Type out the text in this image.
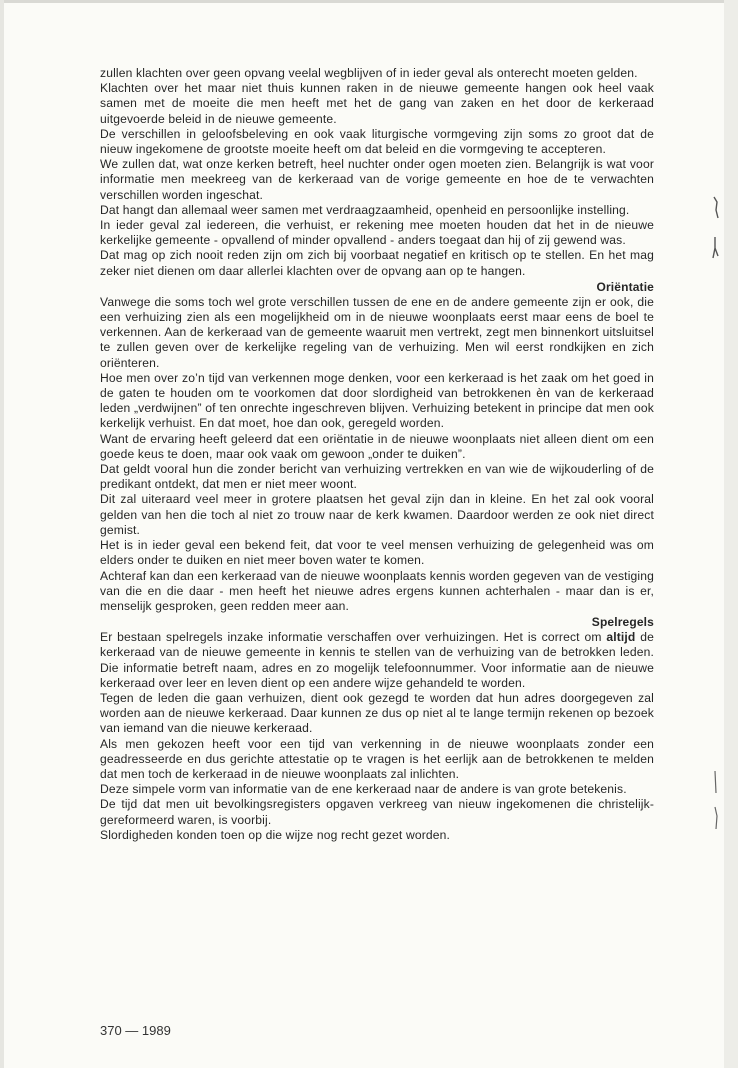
zullen klachten over geen opvang veelal wegblijven of in ieder geval als onterecht moeten gelden.

Klachten over het maar niet thuis kunnen raken in de nieuwe gemeente hangen ook heel vaak samen met de moeite die men heeft met het de gang van zaken en het door de kerkeraad uitgevoerde beleid in de nieuwe gemeente.

De verschillen in geloofsbeleving en ook vaak liturgische vormgeving zijn soms zo groot dat de nieuw ingekomene de grootste moeite heeft om dat beleid en die vormgeving te accepteren.

We zullen dat, wat onze kerken betreft, heel nuchter onder ogen moeten zien. Belangrijk is wat voor informatie men meekreeg van de kerkeraad van de vorige gemeente en hoe de te verwachten verschillen worden ingeschat.

Dat hangt dan allemaal weer samen met verdraagzaamheid, openheid en persoonlijke instelling.

In ieder geval zal iedereen, die verhuist, er rekening mee moeten houden dat het in de nieuwe kerkelijke gemeente - opvallend of minder opvallend - anders toegaat dan hij of zij gewend was.

Dat mag op zich nooit reden zijn om zich bij voorbaat negatief en kritisch op te stellen. En het mag zeker niet dienen om daar allerlei klachten over de opvang aan op te hangen.

Oriëntatie

Vanwege die soms toch wel grote verschillen tussen de ene en de andere gemeente zijn er ook, die een verhuizing zien als een mogelijkheid om in de nieuwe woonplaats eerst maar eens de boel te verkennen. Aan de kerkeraad van de gemeente waaruit men vertrekt, zegt men binnenkort uitsluitsel te zullen geven over de kerkelijke regeling van de verhuizing. Men wil eerst rondkijken en zich oriënteren.

Hoe men over zo’n tijd van verkennen moge denken, voor een kerkeraad is het zaak om het goed in de gaten te houden om te voorkomen dat door slordigheid van betrokkenen èn van de kerkeraad leden „verdwijnen” of ten onrechte ingeschreven blijven. Verhuizing betekent in principe dat men ook kerkelijk verhuist. En dat moet, hoe dan ook, geregeld worden.

Want de ervaring heeft geleerd dat een oriëntatie in de nieuwe woonplaats niet alleen dient om een goede keus te doen, maar ook vaak om gewoon „onder te duiken”.

Dat geldt vooral hun die zonder bericht van verhuizing vertrekken en van wie de wijkouderling of de predikant ontdekt, dat men er niet meer woont.

Dit zal uiteraard veel meer in grotere plaatsen het geval zijn dan in kleine. En het zal ook vooral gelden van hen die toch al niet zo trouw naar de kerk kwamen. Daardoor werden ze ook niet direct gemist.

Het is in ieder geval een bekend feit, dat voor te veel mensen verhuizing de gelegenheid was om elders onder te duiken en niet meer boven water te komen.

Achteraf kan dan een kerkeraad van de nieuwe woonplaats kennis worden gegeven van de vestiging van die en die daar - men heeft het nieuwe adres ergens kunnen achterhalen - maar dan is er, menselijk gesproken, geen redden meer aan.

Spelregels

Er bestaan spelregels inzake informatie verschaffen over verhuizingen. Het is correct om altijd de kerkeraad van de nieuwe gemeente in kennis te stellen van de verhuizing van de betrokken leden. Die informatie betreft naam, adres en zo mogelijk telefoonnummer. Voor informatie aan de nieuwe kerkeraad over leer en leven dient op een andere wijze gehandeld te worden.

Tegen de leden die gaan verhuizen, dient ook gezegd te worden dat hun adres doorgegeven zal worden aan de nieuwe kerkeraad. Daar kunnen ze dus op niet al te lange termijn rekenen op bezoek van iemand van die nieuwe kerkeraad.

Als men gekozen heeft voor een tijd van verkenning in de nieuwe woonplaats zonder een geadresseerde en dus gerichte attestatie op te vragen is het eerlijk aan de betrokkenen te melden dat men toch de kerkeraad in de nieuwe woonplaats zal inlichten.

Deze simpele vorm van informatie van de ene kerkeraad naar de andere is van grote betekenis.

De tijd dat men uit bevolkingsregisters opgaven verkreeg van nieuw ingekomenen die christelijk-gereformeerd waren, is voorbij.

Slordigheden konden toen op die wijze nog recht gezet worden.

370 — 1989
